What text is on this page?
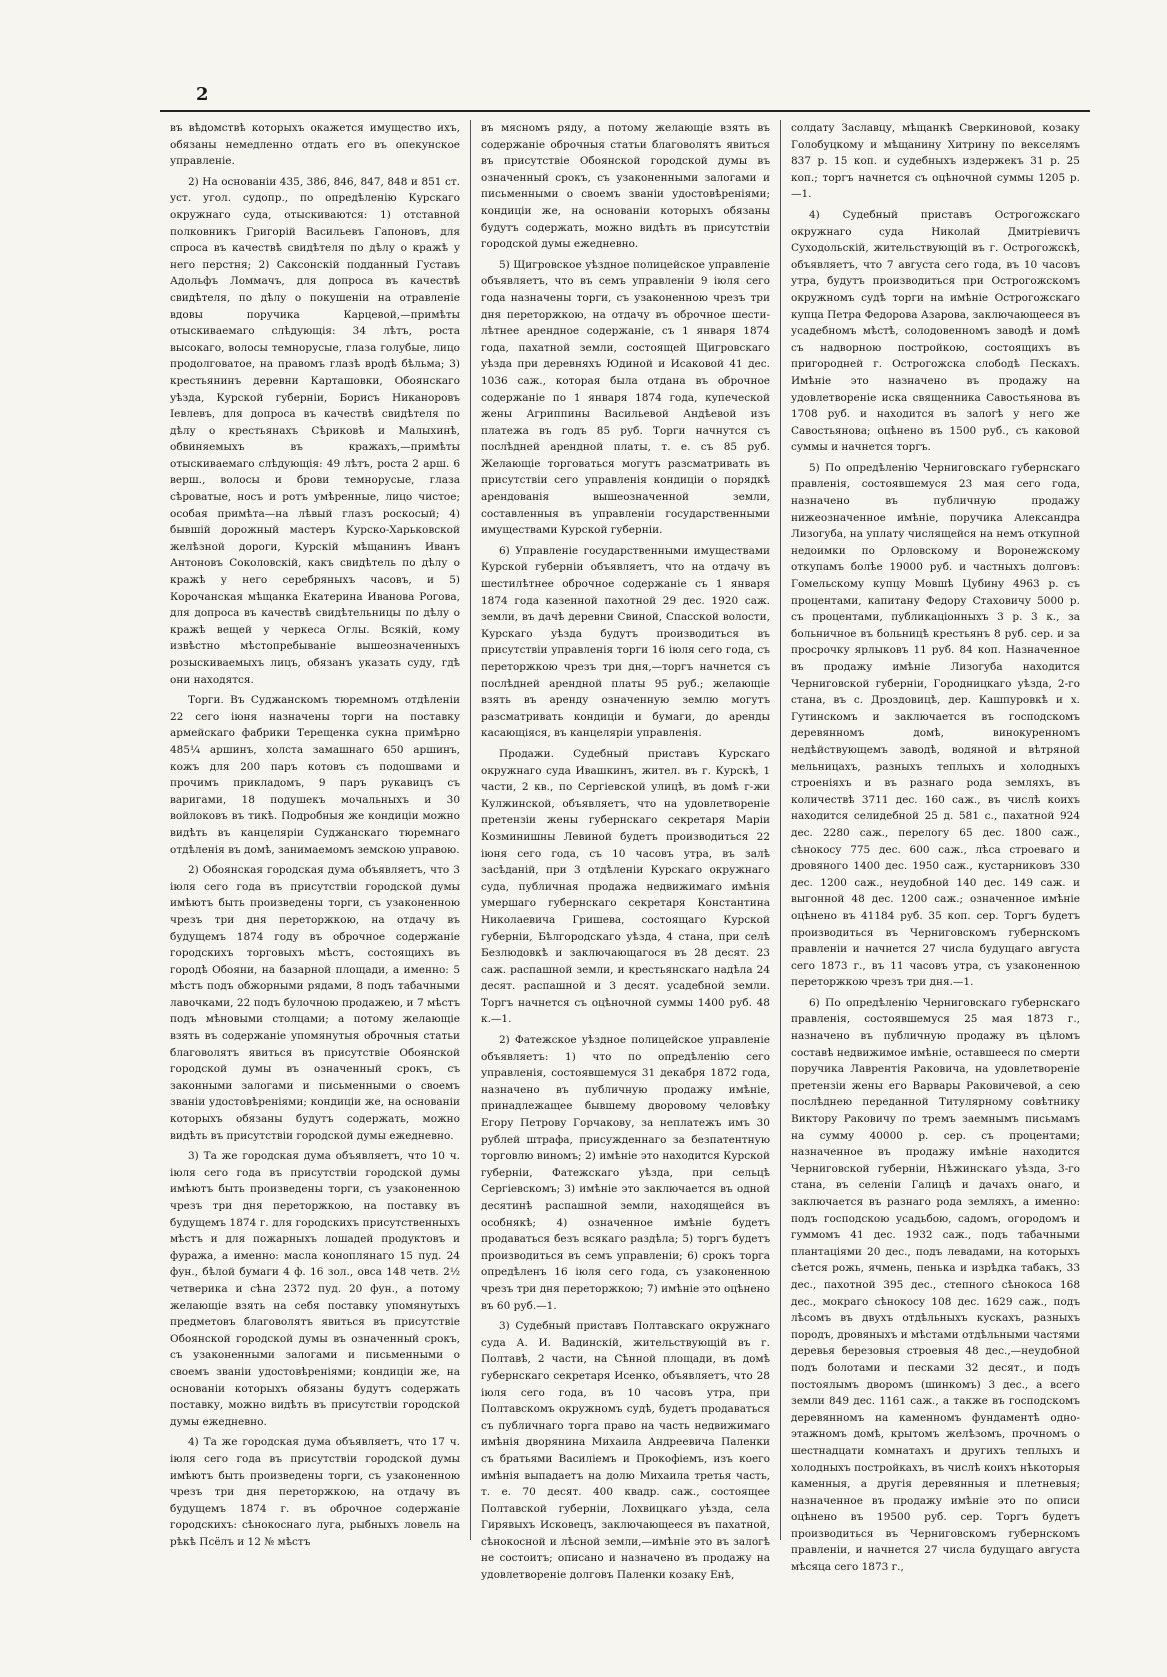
2

въ вѣдомствѣ которыхъ окажется имущество ихъ, обязаны немедленно отдать его въ опекунское управленіе.

2) На основаніи 435, 386, 846, 847, 848 и 851 ст. уст. угол. судопр., по опредѣленію Курскаго окружнаго суда, отыскиваются: 1) отставной полковникъ Григорій Васильевъ Гапоновъ, для спроса въ качествѣ свидѣтеля по дѣлу о кражѣ у него перстня; 2) Саксонскій подданный Густавъ Адольфъ Ломмачъ, для допроса въ качествѣ свидѣтеля, по дѣлу о покушеніи на отравленіе вдовы поручика Карцевой,—примѣты отыскиваемаго слѣдующія: 34 лѣтъ, роста высокаго, волосы темнорусые, глаза голубые, лицо продолговатое, на правомъ глазѣ вродѣ бѣльма; 3) крестьянинъ деревни Карташовки, Обоянскаго уѣзда, Курской губерніи, Борисъ Никаноровъ Іевлевъ, для допроса въ качествѣ свидѣтеля по дѣлу о крестьянахъ Сѣриковѣ и Малыхинѣ, обвиняемыхъ въ кражахъ,—примѣты отыскиваемаго слѣдующія: 49 лѣтъ, роста 2 арш. 6 верш., волосы и брови темнорусые, глаза сѣроватые, носъ и ротъ умѣренные, лицо чистое; особая примѣта—на лѣвый глазъ роскосый; 4) бывшій дорожный мастеръ Курско-Харьковской желѣзной дороги, Курскій мѣщанинъ Иванъ Антоновъ Соколовскій, какъ свидѣтель по дѣлу о кражѣ у него серебряныхъ часовъ, и 5) Корочанская мѣщанка Екатерина Иванова Рогова, для допроса въ качествѣ свидѣтельницы по дѣлу о кражѣ вещей у черкеса Оглы. Всякій, кому извѣстно мѣстопребываніе вышеозначенныхъ розыскиваемыхъ лицъ, обязанъ указать суду, гдѣ они находятся.

Торги. Въ Суджанскомъ тюремномъ отдѣленіи 22 сего іюня назначены торги на поставку армейскаго фабрики Терещенка сукна примѣрно 485¼ аршинъ, холста замашнаго 650 аршинъ, кожъ для 200 паръ котовъ съ подошвами и прочимъ прикладомъ, 9 паръ рукавицъ съ варигами, 18 подушекъ мочальныхъ и 30 войлоковъ въ тикѣ. Подробныя же кондиціи можно видѣть въ канцеляріи Суджанскаго тюремнаго отдѣленія въ домѣ, занимаемомъ земскою управою.

2) Обоянская городская дума объявляетъ, что 3 іюля сего года въ присутствіи городской думы имѣютъ быть произведены торги, съ узаконенною чрезъ три дня переторжкою, на отдачу въ будущемъ 1874 году въ оброчное содержаніе городскихъ торговыхъ мѣстъ, состоящихъ въ городѣ Обояни, на базарной площади, а именно: 5 мѣстъ подъ обжорными рядами, 8 подъ табачными лавочками, 22 подъ булочною продажею, и 7 мѣстъ подъ мѣновыми столцами; а потому желающіе взять въ содержаніе упомянутыя оброчныя статьи благоволятъ явиться въ присутствіе Обоянской городской думы въ означенный срокъ, съ законными залогами и письменными о своемъ званіи удостовѣреніями; кондиціи же, на основаніи которыхъ обязаны будутъ содержать, можно видѣть въ присутствіи городской думы ежедневно.

3) Та же городская дума объявляетъ, что 10 ч. іюля сего года въ присутствіи городской думы имѣютъ быть произведены торги, съ узаконенною чрезъ три дня переторжкою, на поставку въ будущемъ 1874 г. для городскихъ присутственныхъ мѣстъ и для пожарныхъ лошадей продуктовъ и фуража, а именно: масла коноплянаго 15 пуд. 24 фун., бѣлой бумаги 4 ф. 16 зол., овса 148 четв. 2½ четверика и сѣна 2372 пуд. 20 фун., а потому желающіе взять на себя поставку упомянутыхъ предметовъ благоволятъ явиться въ присутствіе Обоянской городской думы въ означенный срокъ, съ узаконенными залогами и письменными о своемъ званіи удостовѣреніями; кондиціи же, на основаніи которыхъ обязаны будутъ содержать поставку, можно видѣть въ присутствіи городской думы ежедневно.

4) Та же городская дума объявляетъ, что 17 ч. іюля сего года въ присутствіи городской думы имѣютъ быть произведены торги, съ узаконенною чрезъ три дня переторжкою, на отдачу въ будущемъ 1874 г. въ оброчное содержаніе городскихъ: сѣнокоснаго луга, рыбныхъ ловель на рѣкѣ Псёлъ и 12 № мѣстъ

въ мясномъ ряду, а потому желающіе взять въ содержаніе оброчныя статьи благоволятъ явиться въ присутствіе Обоянской городской думы въ означенный срокъ, съ узаконенными залогами и письменными о своемъ званіи удостовѣреніями; кондиціи же, на основаніи которыхъ обязаны будутъ содержать, можно видѣть въ присутствіи городской думы ежедневно.

5) Щигровское уѣздное полицейское управленіе объявляетъ, что въ семъ управленіи 9 іюля сего года назначены торги, съ узаконенною чрезъ три дня переторжкою, на отдачу въ оброчное шести-лѣтнее арендное содержаніе, съ 1 января 1874 года, пахатной земли, состоящей Щигровскаго уѣзда при деревняхъ Юдиной и Исаковой 41 дес. 1036 саж., которая была отдана въ оброчное содержаніе по 1 января 1874 года, купеческой жены Агриппины Васильевой Андѣевой изъ платежа въ годъ 85 руб. Торги начнутся съ послѣдней арендной платы, т. е. съ 85 руб. Желающіе торговаться могутъ разсматривать въ присутствіи сего управленія кондиціи о порядкѣ арендованія вышеозначенной земли, составленныя въ управленіи государственными имуществами Курской губерніи.

6) Управленіе государственными имуществами Курской губерніи объявляетъ, что на отдачу въ шестилѣтнее оброчное содержаніе съ 1 января 1874 года казенной пахотной 29 дес. 1920 саж. земли, въ дачѣ деревни Свиной, Спасской волости, Курскаго уѣзда будутъ производиться въ присутствіи управленія торги 16 іюля сего года, съ переторжкою чрезъ три дня,—торгъ начнется съ послѣдней арендной платы 95 руб.; желающіе взять въ аренду означенную землю могутъ разсматривать кондиціи и бумаги, до аренды касающіяся, въ канцеляріи управленія.

Продажи. Судебный приставъ Курскаго окружнаго суда Ивашкинъ, жител. въ г. Курскѣ, 1 части, 2 кв., по Сергіевской улицѣ, въ домѣ г-жи Кулжинской, объявляетъ, что на удовлетвореніе претензіи жены губернскаго секретаря Маріи Козминишны Левиной будетъ производиться 22 іюня сего года, съ 10 часовъ утра, въ залѣ засѣданій, при 3 отдѣленіи Курскаго окружнаго суда, публичная продажа недвижимаго имѣнія умершаго губернскаго секретаря Константина Николаевича Гришева, состоящаго Курской губерніи, Бѣлгородскаго уѣзда, 4 стана, при селѣ Безлюдовкѣ и заключающагося въ 28 десят. 23 саж. распашной земли, и крестьянскаго надѣла 24 десят. распашной и 3 десят. усадебной земли. Торгъ начнется съ оцѣночной суммы 1400 руб. 48 к.—1.

2) Фатежское уѣздное полицейское управленіе объявляетъ: 1) что по опредѣленію сего управленія, состоявшемуся 31 декабря 1872 года, назначено въ публичную продажу имѣніе, принадлежащее бывшему дворовому человѣку Егору Петрову Горчакову, за неплатежъ имъ 30 рублей штрафа, присужденнаго за безпатентную торговлю виномъ; 2) имѣніе это находится Курской губерніи, Фатежскаго уѣзда, при сельцѣ Сергіевскомъ; 3) имѣніе это заключается въ одной десятинѣ распашной земли, находящейся въ особнякѣ; 4) означенное имѣніе будетъ продаваться безъ всякаго раздѣла; 5) торгъ будетъ производиться въ семъ управленіи; 6) срокъ торга опредѣленъ 16 іюля сего года, съ узаконенною чрезъ три дня переторжкою; 7) имѣніе это оцѣнено въ 60 руб.—1.

3) Судебный приставъ Полтавскаго окружнаго суда А. И. Вадинскій, жительствующій въ г. Полтавѣ, 2 части, на Сѣнной площади, въ домѣ губернскаго секретаря Исенко, объявляетъ, что 28 іюля сего года, въ 10 часовъ утра, при Полтавскомъ окружномъ судѣ, будетъ продаваться съ публичнаго торга право на часть недвижимаго имѣнія дворянина Михаила Андреевича Паленки съ братьями Василіемъ и Прокофіемъ, изъ коего имѣнія выпадаетъ на долю Михаила третья часть, т. е. 70 десят. 400 квадр. саж., состоящее Полтавской губерніи, Лохвицкаго уѣзда, села Гирявыхъ Исковецъ, заключающееся въ пахатной, сѣнокосной и лѣсной земли,—имѣніе это въ залогѣ не состоитъ; описано и назначено въ продажу на удовлетвореніе долговъ Паленки козаку Енѣ,

солдату Заславцу, мѣщанкѣ Сверкиновой, козаку Голобуцкому и мѣщанину Хитрину по векселямъ 837 р. 15 коп. и судебныхъ издержекъ 31 р. 25 коп.; торгъ начнется съ оцѣночной суммы 1205 р.—1.

4) Судебный приставъ Острогожскаго окружнаго суда Николай Дмитріевичъ Суходольскій, жительствующій въ г. Острогожскѣ, объявляетъ, что 7 августа сего года, въ 10 часовъ утра, будутъ производиться при Острогожскомъ окружномъ судѣ торги на имѣніе Острогожскаго купца Петра Федорова Азарова, заключающееся въ усадебномъ мѣстѣ, солодовенномъ заводѣ и домѣ съ надворною постройкою, состоящихъ въ пригородней г. Острогожска слободѣ Пескахъ. Имѣніе это назначено въ продажу на удовлетвореніе иска священника Савостьянова въ 1708 руб. и находится въ залогѣ у него же Савостьянова; оцѣнено въ 1500 руб., съ каковой суммы и начнется торгъ.

5) По опредѣленію Черниговскаго губернскаго правленія, состоявшемуся 23 мая сего года, назначено въ публичную продажу нижеозначенное имѣніе, поручика Александра Лизогуба, на уплату числящейся на немъ откупной недоимки по Орловскому и Воронежскому откупамъ болѣе 19000 руб. и частныхъ долговъ: Гомельскому купцу Мовшѣ Цубину 4963 р. съ процентами, капитану Федору Стаховичу 5000 р. съ процентами, публикаціонныхъ 3 р. 3 к., за больничное въ больницѣ крестьянъ 8 руб. сер. и за просрочку ярлыковъ 11 руб. 84 коп. Назначенное въ продажу имѣніе Лизогуба находится Черниговской губерніи, Городницкаго уѣзда, 2-го стана, въ с. Дроздовицѣ, дер. Кашпуровкѣ и х. Гутинскомъ и заключается въ господскомъ деревянномъ домѣ, винокуренномъ недѣйствующемъ заводѣ, водяной и вѣтряной мельницахъ, разныхъ теплыхъ и холодныхъ строеніяхъ и въ разнаго рода земляхъ, въ количествѣ 3711 дес. 160 саж., въ числѣ коихъ находится селидебной 25 д. 581 с., пахатной 924 дес. 2280 саж., перелогу 65 дес. 1800 саж., сѣнокосу 775 дес. 600 саж., лѣса строеваго и дровяного 1400 дес. 1950 саж., кустарниковъ 330 дес. 1200 саж., неудобной 140 дес. 149 саж. и выгонной 48 дес. 1200 саж.; означенное имѣніе оцѣнено въ 41184 руб. 35 коп. сер. Торгъ будетъ производиться въ Черниговскомъ губернскомъ правленіи и начнется 27 числа будущаго августа сего 1873 г., въ 11 часовъ утра, съ узаконенною переторжкою чрезъ три дня.—1.

6) По опредѣленію Черниговскаго губернскаго правленія, состоявшемуся 25 мая 1873 г., назначено въ публичную продажу въ цѣломъ составѣ недвижимое имѣніе, оставшееся по смерти поручика Лаврентія Раковича, на удовлетвореніе претензіи жены его Варвары Раковичевой, а сею послѣднею переданной Титулярному совѣтнику Виктору Раковичу по тремъ заемнымъ письмамъ на сумму 40000 р. сер. съ процентами; назначенное въ продажу имѣніе находится Черниговской губерніи, Нѣжинскаго уѣзда, 3-го стана, въ селеніи Галицѣ и дачахъ онаго, и заключается въ разнаго рода земляхъ, а именно: подъ господскою усадьбою, садомъ, огородомъ и гуммомъ 41 дес. 1932 саж., подъ табачными плантаціями 20 дес., подъ левадами, на которыхъ сѣется рожь, ячмень, пенька и изрѣдка табакъ, 33 дес., пахотной 395 дес., степного сѣнокоса 168 дес., мокраго сѣнокосу 108 дес. 1629 саж., подъ лѣсомъ въ двухъ отдѣльныхъ кускахъ, разныхъ породъ, дровяныхъ и мѣстами отдѣльными частями деревья березовыя строевыя 48 дес.,—неудобной подъ болотами и песками 32 десят., и подъ постоялымъ дворомъ (шинкомъ) 3 дес., а всего земли 849 дес. 1161 саж., а также въ господскомъ деревянномъ на каменномъ фундаментѣ одно-этажномъ домѣ, крытомъ желѣзомъ, прочномъ о шестнадцати комнатахъ и другихъ теплыхъ и холодныхъ постройкахъ, въ числѣ коихъ нѣкоторыя каменныя, а другія деревянныя и плетневыя; назначенное въ продажу имѣніе это по описи оцѣнено въ 19500 руб. сер. Торгъ будетъ производиться въ Черниговскомъ губернскомъ правленіи, и начнется 27 числа будущаго августа мѣсяца сего 1873 г.,
